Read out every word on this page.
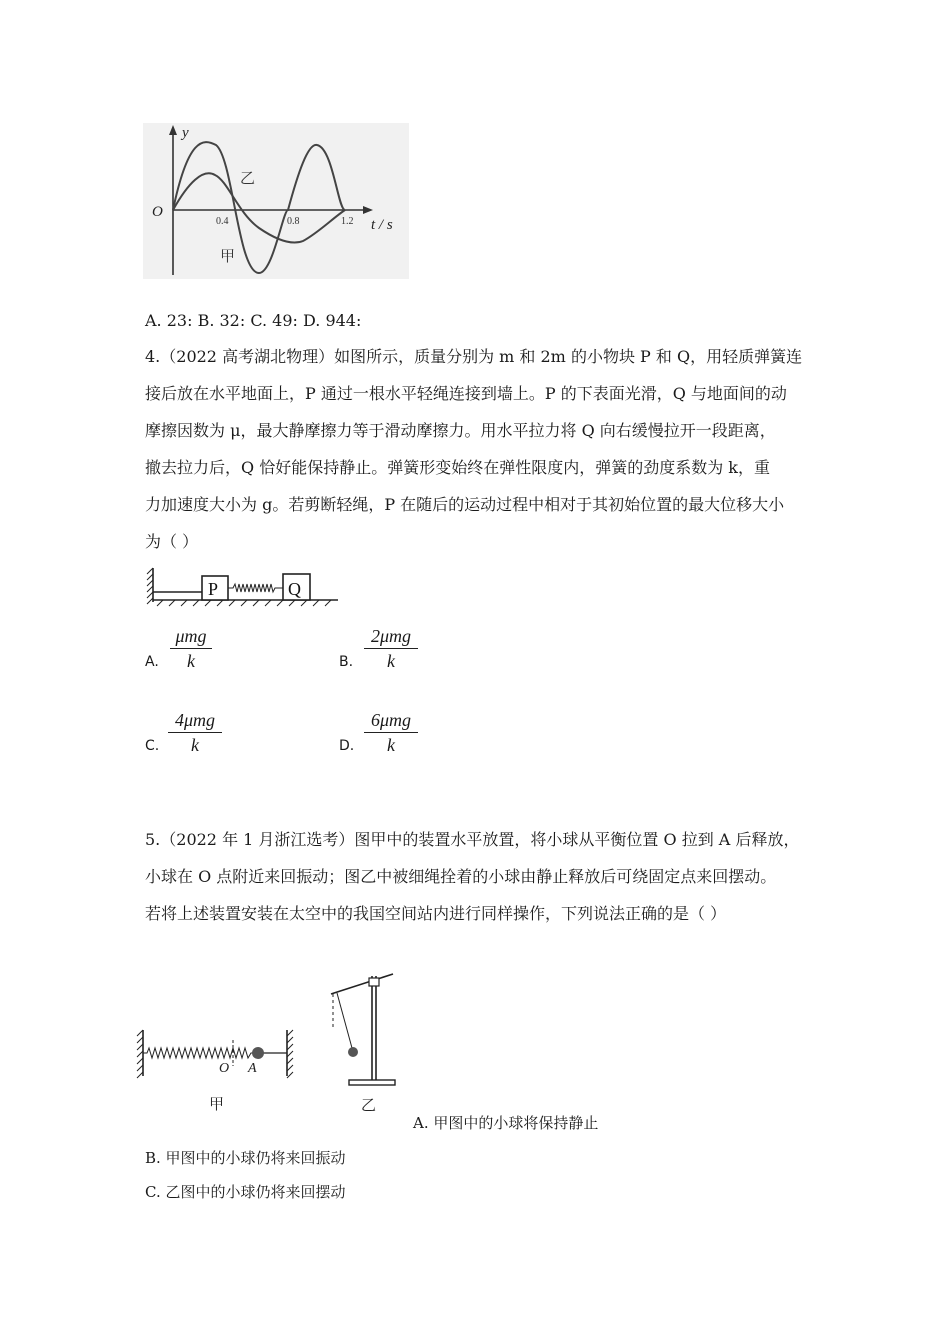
O
y
t / s
乙
甲
0.4	0.8	1.2
A. 23: B. 32: C. 49: D. 944:
4.（2022 高考湖北物理）如图所示，质量分别为 m 和 2m 的小物块 P 和 Q，用轻质弹簧连
接后放在水平地面上，P 通过一根水平轻绳连接到墙上。P 的下表面光滑，Q 与地面间的动
摩擦因数为 μ，最大静摩擦力等于滑动摩擦力。用水平拉力将 Q 向右缓慢拉开一段距离，
撤去拉力后，Q 恰好能保持静止。弹簧形变始终在弹性限度内，弹簧的劲度系数为 k，重
力加速度大小为 g。若剪断轻绳，P 在随后的运动过程中相对于其初始位置的最大位移大小
为（ ）
P	Q
A.
μmg
k	B.
2μmg
k
C.
4μmg
k	D.
6μmg
k
5.（2022 年 1 月浙江选考）图甲中的装置水平放置，将小球从平衡位置 O 拉到 A 后释放，
小球在 O 点附近来回振动；图乙中被细绳拴着的小球由静止释放后可绕固定点来回摆动。
若将上述装置安装在太空中的我国空间站内进行同样操作，下列说法正确的是（ ）
O A
甲	乙
A. 甲图中的小球将保持静止
B. 甲图中的小球仍将来回振动
C. 乙图中的小球仍将来回摆动
